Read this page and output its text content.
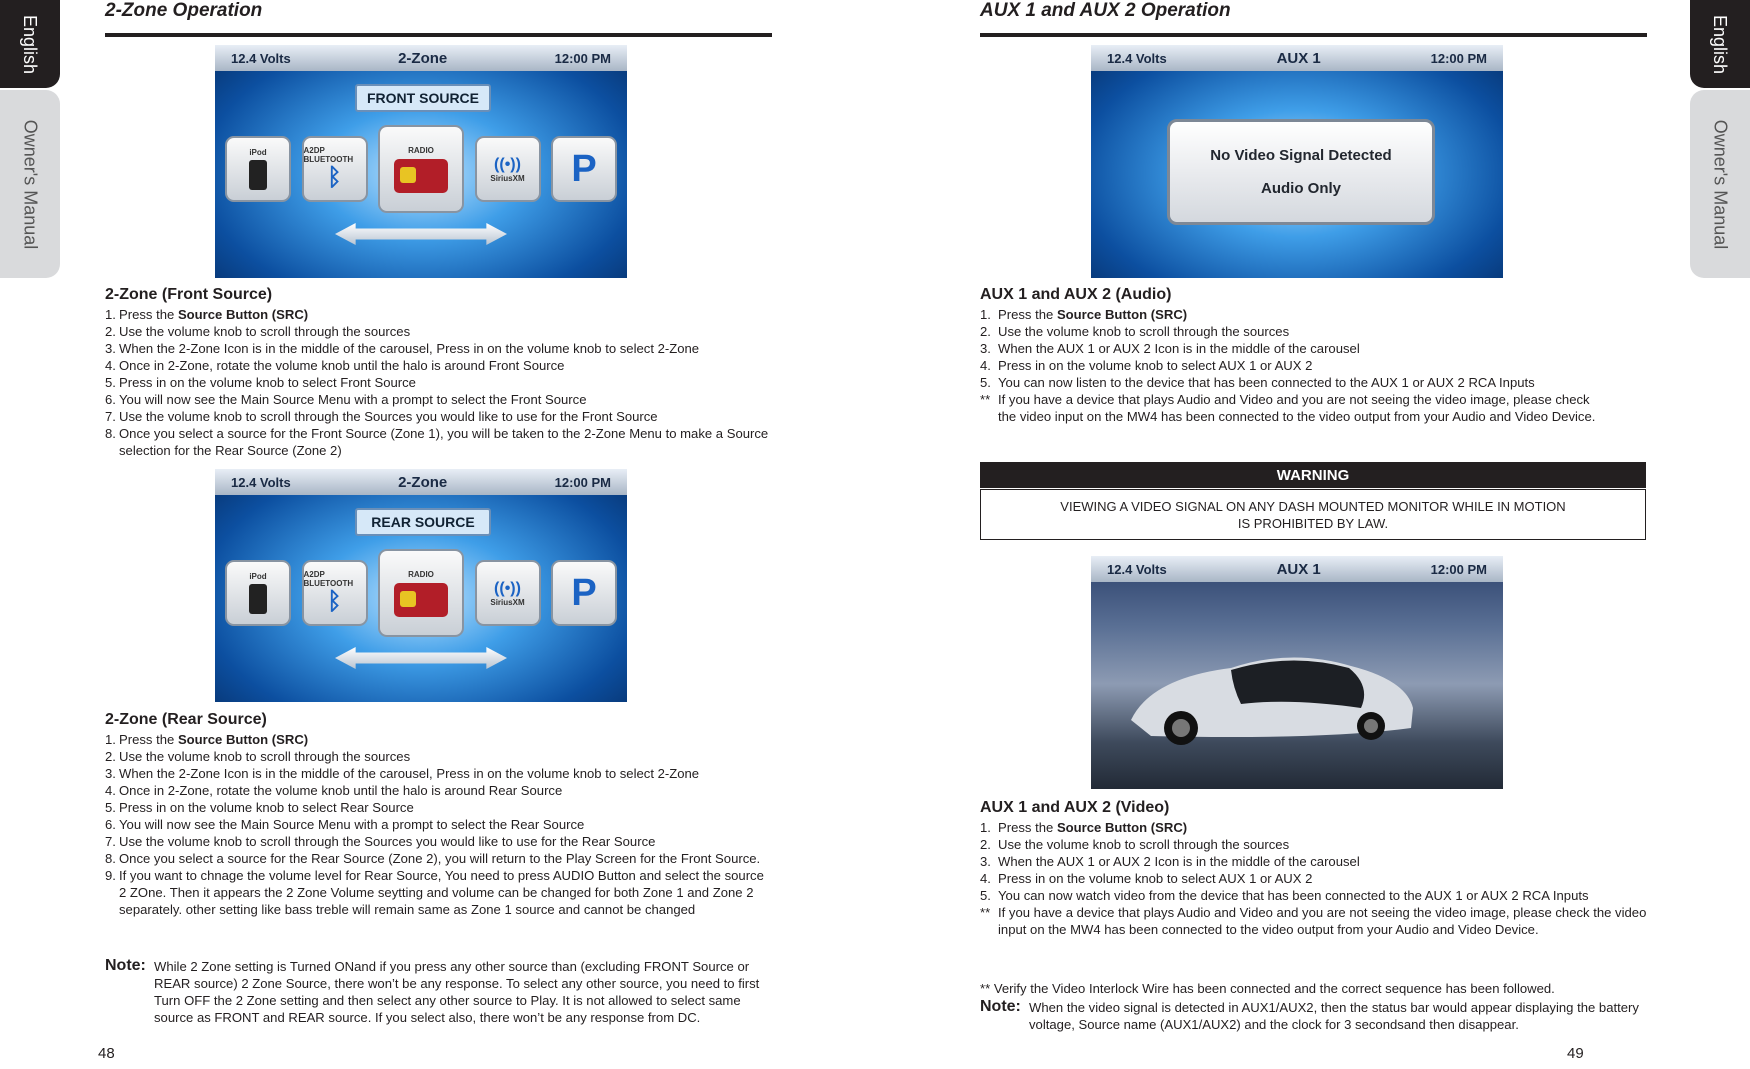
English
Owner's Manual
2-Zone Operation
12.4 Volts	2-Zone	12:00 PM
FRONT SOURCE
iPod	A2DP BLUETOOTH
ᛒ
RADIO
((•))
SiriusXM P
2-Zone (Front Source)
1. Press the Source Button (SRC)
2. Use the volume knob to scroll through the sources
3. When the 2-Zone Icon is in the middle of the carousel, Press in on the volume knob to select 2-Zone
4. Once in 2-Zone, rotate the volume knob until the halo is around Front Source
5. Press in on the volume knob to select Front Source
6. You will now see the Main Source Menu with a prompt to select the Front Source
7. Use the volume knob to scroll through the Sources you would like to use for the Front Source
8. Once you select a source for the Front Source (Zone 1), you will be taken to the 2-Zone Menu to make a Source selection for the Rear Source (Zone 2)
12.4 Volts	2-Zone	12:00 PM
REAR SOURCE
iPod	A2DP BLUETOOTH
ᛒ
RADIO
((•))
SiriusXM P
2-Zone (Rear Source)
1. Press the Source Button (SRC)
2. Use the volume knob to scroll through the sources
3. When the 2-Zone Icon is in the middle of the carousel, Press in on the volume knob to select 2-Zone
4. Once in 2-Zone, rotate the volume knob until the halo is around Rear Source
5. Press in on the volume knob to select Rear Source
6. You will now see the Main Source Menu with a prompt to select the Rear Source
7. Use the volume knob to scroll through the Sources you would like to use for the Rear Source
8. Once you select a source for the Rear Source (Zone 2), you will return to the Play Screen for the Front Source.
9. If you want to chnage the volume level for Rear Source, You need to press AUDIO Button and select the source 2 ZOne. Then it appears the 2 Zone Volume seytting and volume can be changed for both Zone 1 and Zone 2 separately. other setting like bass treble will remain same as Zone 1 source and cannot be changed
Note: While 2 Zone setting is Turned ONand if you press any other source than (excluding FRONT Source or REAR source) 2 Zone Source, there won’t be any response. To select any other source, you need to first Turn OFF the 2 Zone setting and then select any other source to Play. It is not allowed to select same source as FRONT and REAR source. If you select also, there won’t be any response from DC.
48
English
Owner's Manual
AUX 1 and AUX 2 Operation
12.4 Volts	AUX 1	12:00 PM
No Video Signal Detected
Audio Only
AUX 1 and AUX 2 (Audio)
1. Press the Source Button (SRC)
2. Use the volume knob to scroll through the sources
3. When the AUX 1 or AUX 2 Icon is in the middle of the carousel
4. Press in on the volume knob to select AUX 1 or AUX 2
5. You can now listen to the device that has been connected to the AUX 1 or AUX 2 RCA Inputs
** If you have a device that plays Audio and Video and you are not seeing the video image, please check the video input on the MW4 has been connected to the video output from your Audio and Video Device.
12.4 Volts	AUX 1	12:00 PM
AUX 1 and AUX 2 (Video)
1. Press the Source Button (SRC)
2. Use the volume knob to scroll through the sources
3. When the AUX 1 or AUX 2 Icon is in the middle of the carousel
4. Press in on the volume knob to select AUX 1 or AUX 2
5. You can now watch video from the device that has been connected to the AUX 1 or AUX 2 RCA Inputs
** If you have a device that plays Audio and Video and you are not seeing the video image, please check the video input on the MW4 has been connected to the video output from your Audio and Video Device.
** Verify the Video Interlock Wire has been connected and the correct sequence has been followed.
Note: When the video signal is detected in AUX1/AUX2, then the status bar would appear displaying the battery voltage, Source name (AUX1/AUX2) and the clock for 3 secondsand then disappear.
49
WARNING
VIEWING A VIDEO SIGNAL ON ANY DASH MOUNTED MONITOR WHILE IN MOTION
IS PROHIBITED BY LAW.
